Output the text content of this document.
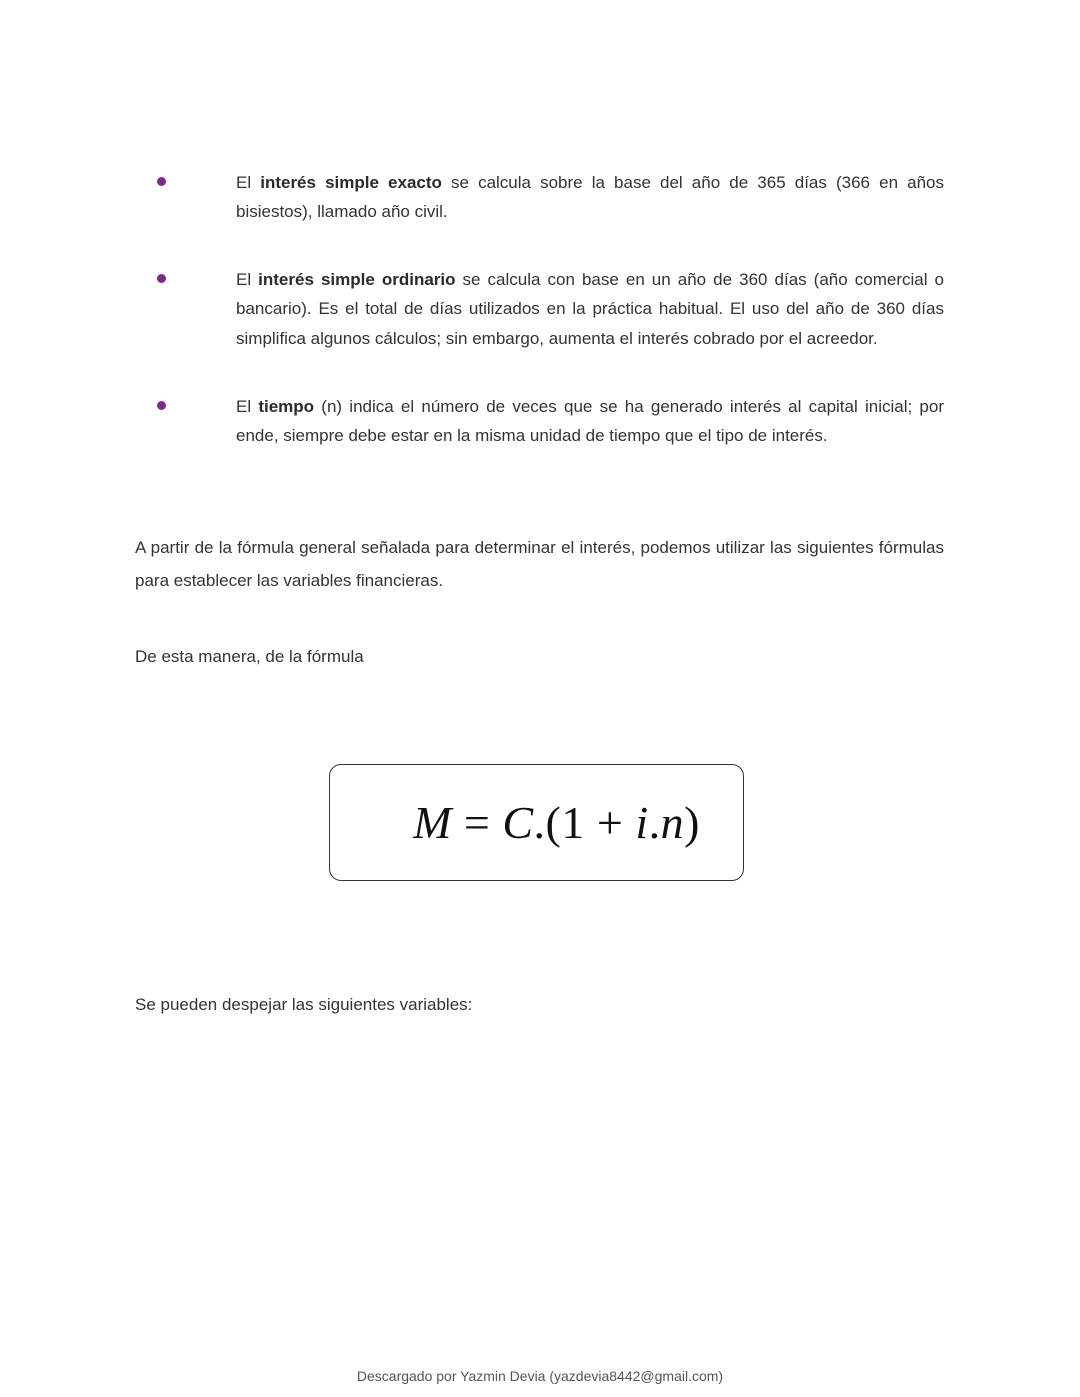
El interés simple exacto se calcula sobre la base del año de 365 días (366 en años bisiestos), llamado año civil.

El interés simple ordinario se calcula con base en un año de 360 días (año comercial o bancario). Es el total de días utilizados en la práctica habitual. El uso del año de 360 días simplifica algunos cálculos; sin embargo, aumenta el interés cobrado por el acreedor.

El tiempo (n) indica el número de veces que se ha generado interés al capital inicial; por ende, siempre debe estar en la misma unidad de tiempo que el tipo de interés.

A partir de la fórmula general señalada para determinar el interés, podemos utilizar las siguientes fórmulas para establecer las variables financieras.

De esta manera, de la fórmula

M = C.(1 + i.n)

Se pueden despejar las siguientes variables:

Descargado por Yazmin Devia (yazdevia8442@gmail.com)
